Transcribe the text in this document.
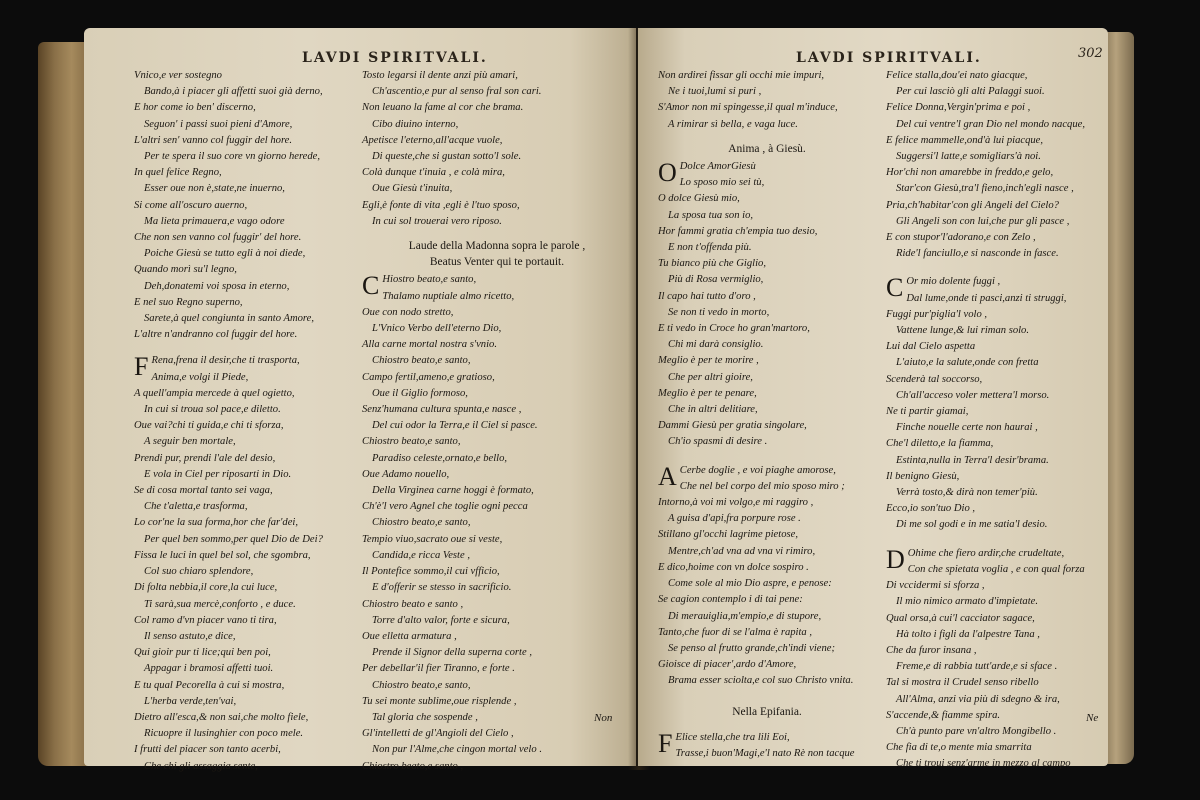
LAVDI SPIRITVALI.
Vnico,e ver sostegno
Bando,à i piacer gli affetti suoi già derno,
E hor come io ben' discerno,
Seguon' i passi suoi pieni d'Amore,
L'altri sen' vanno col fuggir del hore.
Per te spera il suo core vn giorno herede,
In quel felice Regno,
Esser oue non è,state,ne inuerno,
Si come all'oscuro auerno,
Ma lieta primauera,e vago odore
Che non sen vanno col fuggir' del hore.
Poiche Giesù se tutto egli à noi diede,
Quando morì su'l legno,
Deh,donatemi voi sposa in eterno,
E nel suo Regno superno,
Sarete,à quel congiunta in santo Amore,
L'altre n'andranno col fuggir del hore.
F Rena,frena il desir,che ti trasporta,
Anima,e volgi il Piede,
A quell'ampia mercede à quel ogietto,
In cui si troua sol pace,e diletto.
Oue vai?chi ti guida,e chi ti sforza,
A seguir ben mortale,
Prendi pur, prendi l'ale del desio,
E vola in Ciel per riposarti in Dio.
Se di cosa mortal tanto sei vaga,
Che t'aletta,e trasforma,
Lo cor'ne la sua forma,hor che far'dei,
Per quel ben sommo,per quel Dio de Dei?
Fissa le luci in quel bel sol, che sgombra,
Col suo chiaro splendore,
Di folta nebbia,il core,la cui luce,
Ti sarà,sua mercè,conforto , e duce.
Col ramo d'vn piacer vano ti tira,
Il senso astuto,e dice,
Qui gioir pur ti lice;qui ben poi,
Appagar i bramosi affetti tuoi.
E tu qual Pecorella à cui si mostra,
L'herba verde,ten'vai,
Dietro all'esca,& non sai,che molto fiele,
Ricuopre il lusinghier con poco mele.
I frutti del piacer son tanto acerbi,
Che chi gli assaggia sente,
Tosto legarsi il dente anzi più amari,
Ch'ascentio,e pur al senso fral son cari.
Non leuano la fame al cor che brama.
Cibo diuino interno,
Apetisce l'eterno,all'acque vuole,
Di queste,che si gustan sotto'l sole.
Colà dunque t'inuia , e colà mira,
Oue Giesù t'inuita,
Egli,è fonte di vita ,egli è l'tuo sposo,
In cui sol trouerai vero riposo.
Laude della Madonna sopra le parole ,
Beatus Venter qui te portauit.
C Hiostro beato,e santo,
Thalamo nuptiale almo ricetto,
Oue con nodo stretto,
L'Vnico Verbo dell'eterno Dio,
Alla carne mortal nostra s'vnio.
Chiostro beato,e santo,
Campo fertil,ameno,e gratioso,
Oue il Giglio formoso,
Senz'humana cultura spunta,e nasce ,
Del cui odor la Terra,e il Ciel si pasce.
Chiostro beato,e santo,
Paradiso celeste,ornato,e bello,
Oue Adamo nouello,
Della Virginea carne hoggi è formato,
Ch'è'l vero Agnel che toglie ogni pecca
Chiostro beato,e santo,
Tempio viuo,sacrato oue si veste,
Candida,e ricca Veste ,
Il Pontefice sommo,il cui vfficio,
E d'offerir se stesso in sacrificio.
Chiostro beato e santo ,
Torre d'alto valor, forte e sicura,
Oue elletta armatura ,
Prende il Signor della superna corte ,
Per debellar'il fier Tiranno, e forte .
Chiostro beato,e santo,
Tu sei monte sublime,oue risplende ,
Tal gloria che sospende ,
Gl'intelletti de gl'Angioli del Cielo ,
Non pur l'Alme,che cingon mortal velo .
Chiostro beato,e santo ,
Non
LAVDI SPIRITVALI.	302
Non ardirei fissar gli occhi mie impuri,
Ne i tuoi,lumi si puri ,
S'Amor non mi spingesse,il qual m'induce,
A rimirar sì bella, e vaga luce.
Anima , à Giesù.
O Dolce AmorGiesù
Lo sposo mio sei tù,
O dolce Giesù mio,
La sposa tua son io,
Hor fammi gratia ch'empia tuo desio,
E non t'offenda più.
Tu bianco più che Giglio,
Più di Rosa vermiglio,
Il capo hai tutto d'oro ,
Se non ti vedo in morto,
E ti vedo in Croce ho gran'martoro,
Chi mi darà consiglio.
Meglio è per te morire ,
Che per altri gioire,
Meglio è per te penare,
Che in altri delitiare,
Dammi Giesù per gratia singolare,
Ch'io spasmi di desire .
A Cerbe doglie , e voi piaghe amorose,
Che nel bel corpo del mio sposo miro ;
Intorno,à voi mi volgo,e mi raggiro ,
A guisa d'api,fra porpure rose .
Stillano gl'occhi lagrime pietose,
Mentre,ch'ad vna ad vna vi rimiro,
E dico,hoime con vn dolce sospiro .
Come sole al mio Dio aspre, e penose:
Se cagion contemplo i di tai pene:
Di merauiglia,m'empio,e di stupore,
Tanto,che fuor di se l'alma è rapita ,
Se penso al frutto grande,ch'indi viene;
Gioisce di piacer',ardo d'Amore,
Brama esser sciolta,e col suo Christo vnita.
Nella Epifania.
F Elice stella,che tra lili Eoi,
Trasse,i buon'Magi,e'l nato Rè non tacque
Felice stalla,dou'ei nato giacque,
Per cui lasciò gli alti Palaggi suoi.
Felice Donna,Vergin'prima e poi ,
Del cui ventre'l gran Dio nel mondo nacque,
E felice mammelle,ond'à lui piacque,
Suggersi'l latte,e somigliars'à noi.
Hor'chi non amarebbe in freddo,e gelo,
Star'con Giesù,tra'l fieno,inch'egli nasce ,
Pria,ch'habitar'con gli Angeli del Cielo?
Gli Angeli son con lui,che pur gli pasce ,
E con stupor'l'adorano,e con Zelo ,
Ride'l fanciullo,e si nasconde in fasce.
C Or mio dolente fuggi ,
Dal lume,onde ti pasci,anzi ti struggi,
Fuggi pur'piglia'l volo ,
Vattene lunge,& lui riman solo.
Lui dal Cielo aspetta
L'aiuto,e la salute,onde con fretta
Scenderà tal soccorso,
Ch'all'acceso voler mettera'l morso.
Ne ti partir giamai,
Finche nouelle certe non haurai ,
Che'l diletto,e la fiamma,
Estinta,nulla in Terra'l desir'brama.
Il benigno Giesù,
Verrà tosto,& dirà non temer'più.
Ecco,io son'tuo Dio ,
Di me sol godi e in me satia'l desio.
D Ohime che fiero ardir,che crudeltate,
Con che spietata voglia , e con qual forza
Di vccidermi si sforza ,
Il mio nimico armato d'impietate.
Qual orsa,à cui'l cacciator sagace,
Hà tolto i figli da l'alpestre Tana ,
Che da furor insana ,
Freme,e di rabbia tutt'arde,e si sface .
Tal si mostra il Crudel senso ribello
All'Alma, anzi via più di sdegno & ira,
S'accende,& fiamme spira.
Ch'à punto pare vn'altro Mongibello .
Che fia di te,o mente mia smarrita
Che ti troui senz'arme in mezzo al campo
Ne
